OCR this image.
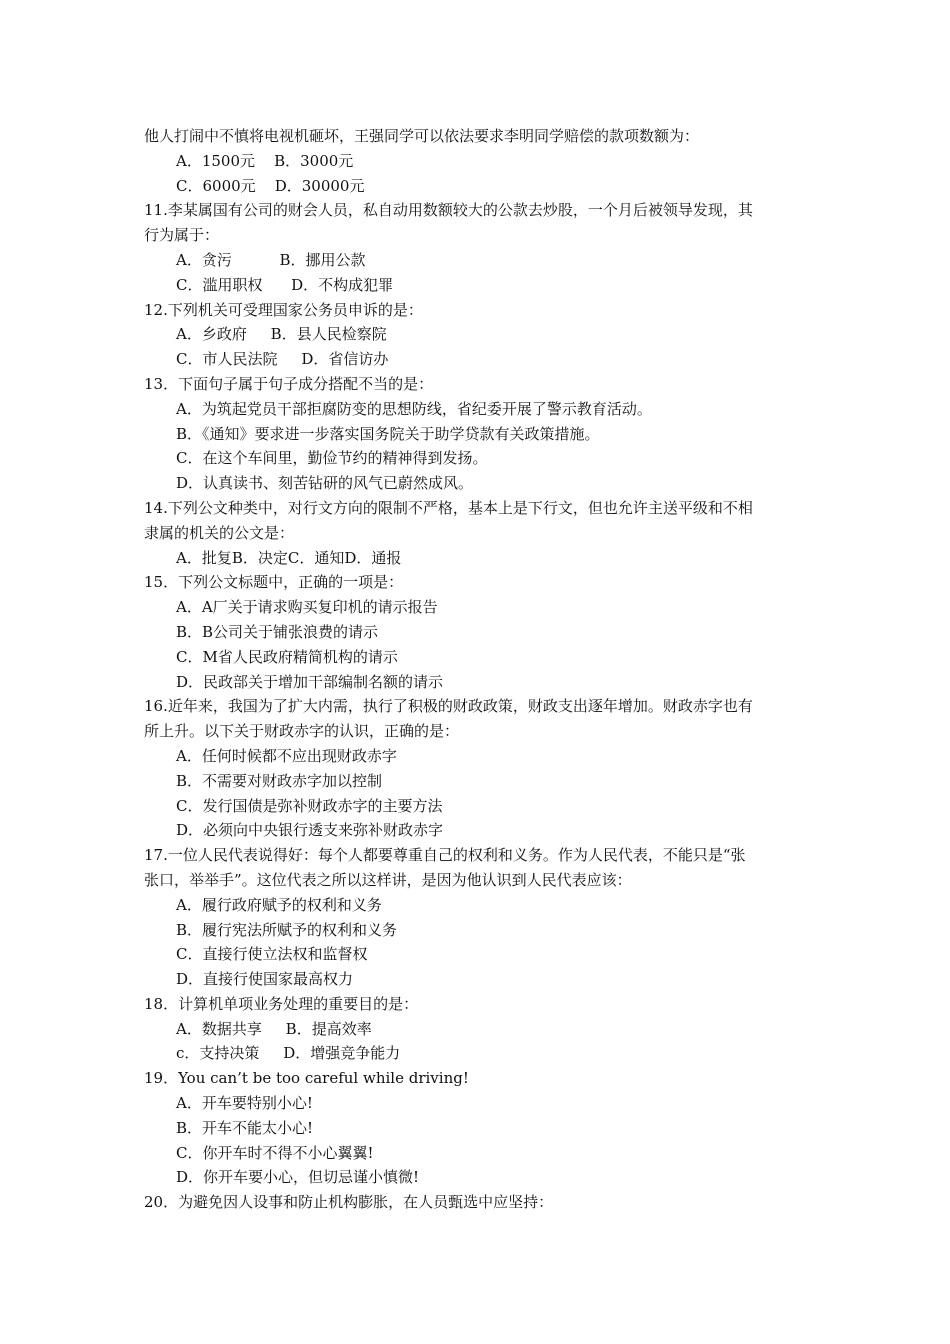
他人打闹中不慎将电视机砸坏，王强同学可以依法要求李明同学赔偿的款项数额为：
A．1500元    B．3000元
C．6000元    D．30000元
11.李某属国有公司的财会人员，私自动用数额较大的公款去炒股，一个月后被领导发现，其
行为属于：
A．贪污          B．挪用公款
C．滥用职权      D．不构成犯罪
12.下列机关可受理国家公务员申诉的是：
A．乡政府     B．县人民检察院
C．市人民法院     D．省信访办
13．下面句子属于句子成分搭配不当的是：
A．为筑起党员干部拒腐防变的思想防线，省纪委开展了警示教育活动。
B．《通知》要求进一步落实国务院关于助学贷款有关政策措施。
C．在这个车间里，勤俭节约的精神得到发扬。
D．认真读书、刻苦钻研的风气已蔚然成风。
14.下列公文种类中，对行文方向的限制不严格，基本上是下行文，但也允许主送平级和不相
隶属的机关的公文是：
A．批复B．决定C．通知D．通报
15．下列公文标题中，正确的一项是：
A．A厂关于请求购买复印机的请示报告
B．B公司关于铺张浪费的请示
C．M省人民政府精简机构的请示
D．民政部关于增加干部编制名额的请示
16.近年来，我国为了扩大内需，执行了积极的财政政策，财政支出逐年增加。财政赤字也有
所上升。以下关于财政赤字的认识，正确的是：
A．任何时候都不应出现财政赤字
B．不需要对财政赤字加以控制
C．发行国债是弥补财政赤字的主要方法
D．必须向中央银行透支来弥补财政赤字
17.一位人民代表说得好：每个人都要尊重自己的权利和义务。作为人民代表，不能只是“张
张口，举举手”。这位代表之所以这样讲，是因为他认识到人民代表应该：
A．履行政府赋予的权利和义务
B．履行宪法所赋予的权利和义务
C．直接行使立法权和监督权
D．直接行使国家最高权力
18．计算机单项业务处理的重要目的是：
A．数据共享     B．提高效率
c．支持决策     D．增强竞争能力
19．You can’t be too careful while driving!
A．开车要特别小心!
B．开车不能太小心!
C．你开车时不得不小心翼翼!
D．你开车要小心，但切忌谨小慎微!
20．为避免因人设事和防止机构膨胀，在人员甄选中应坚持：
